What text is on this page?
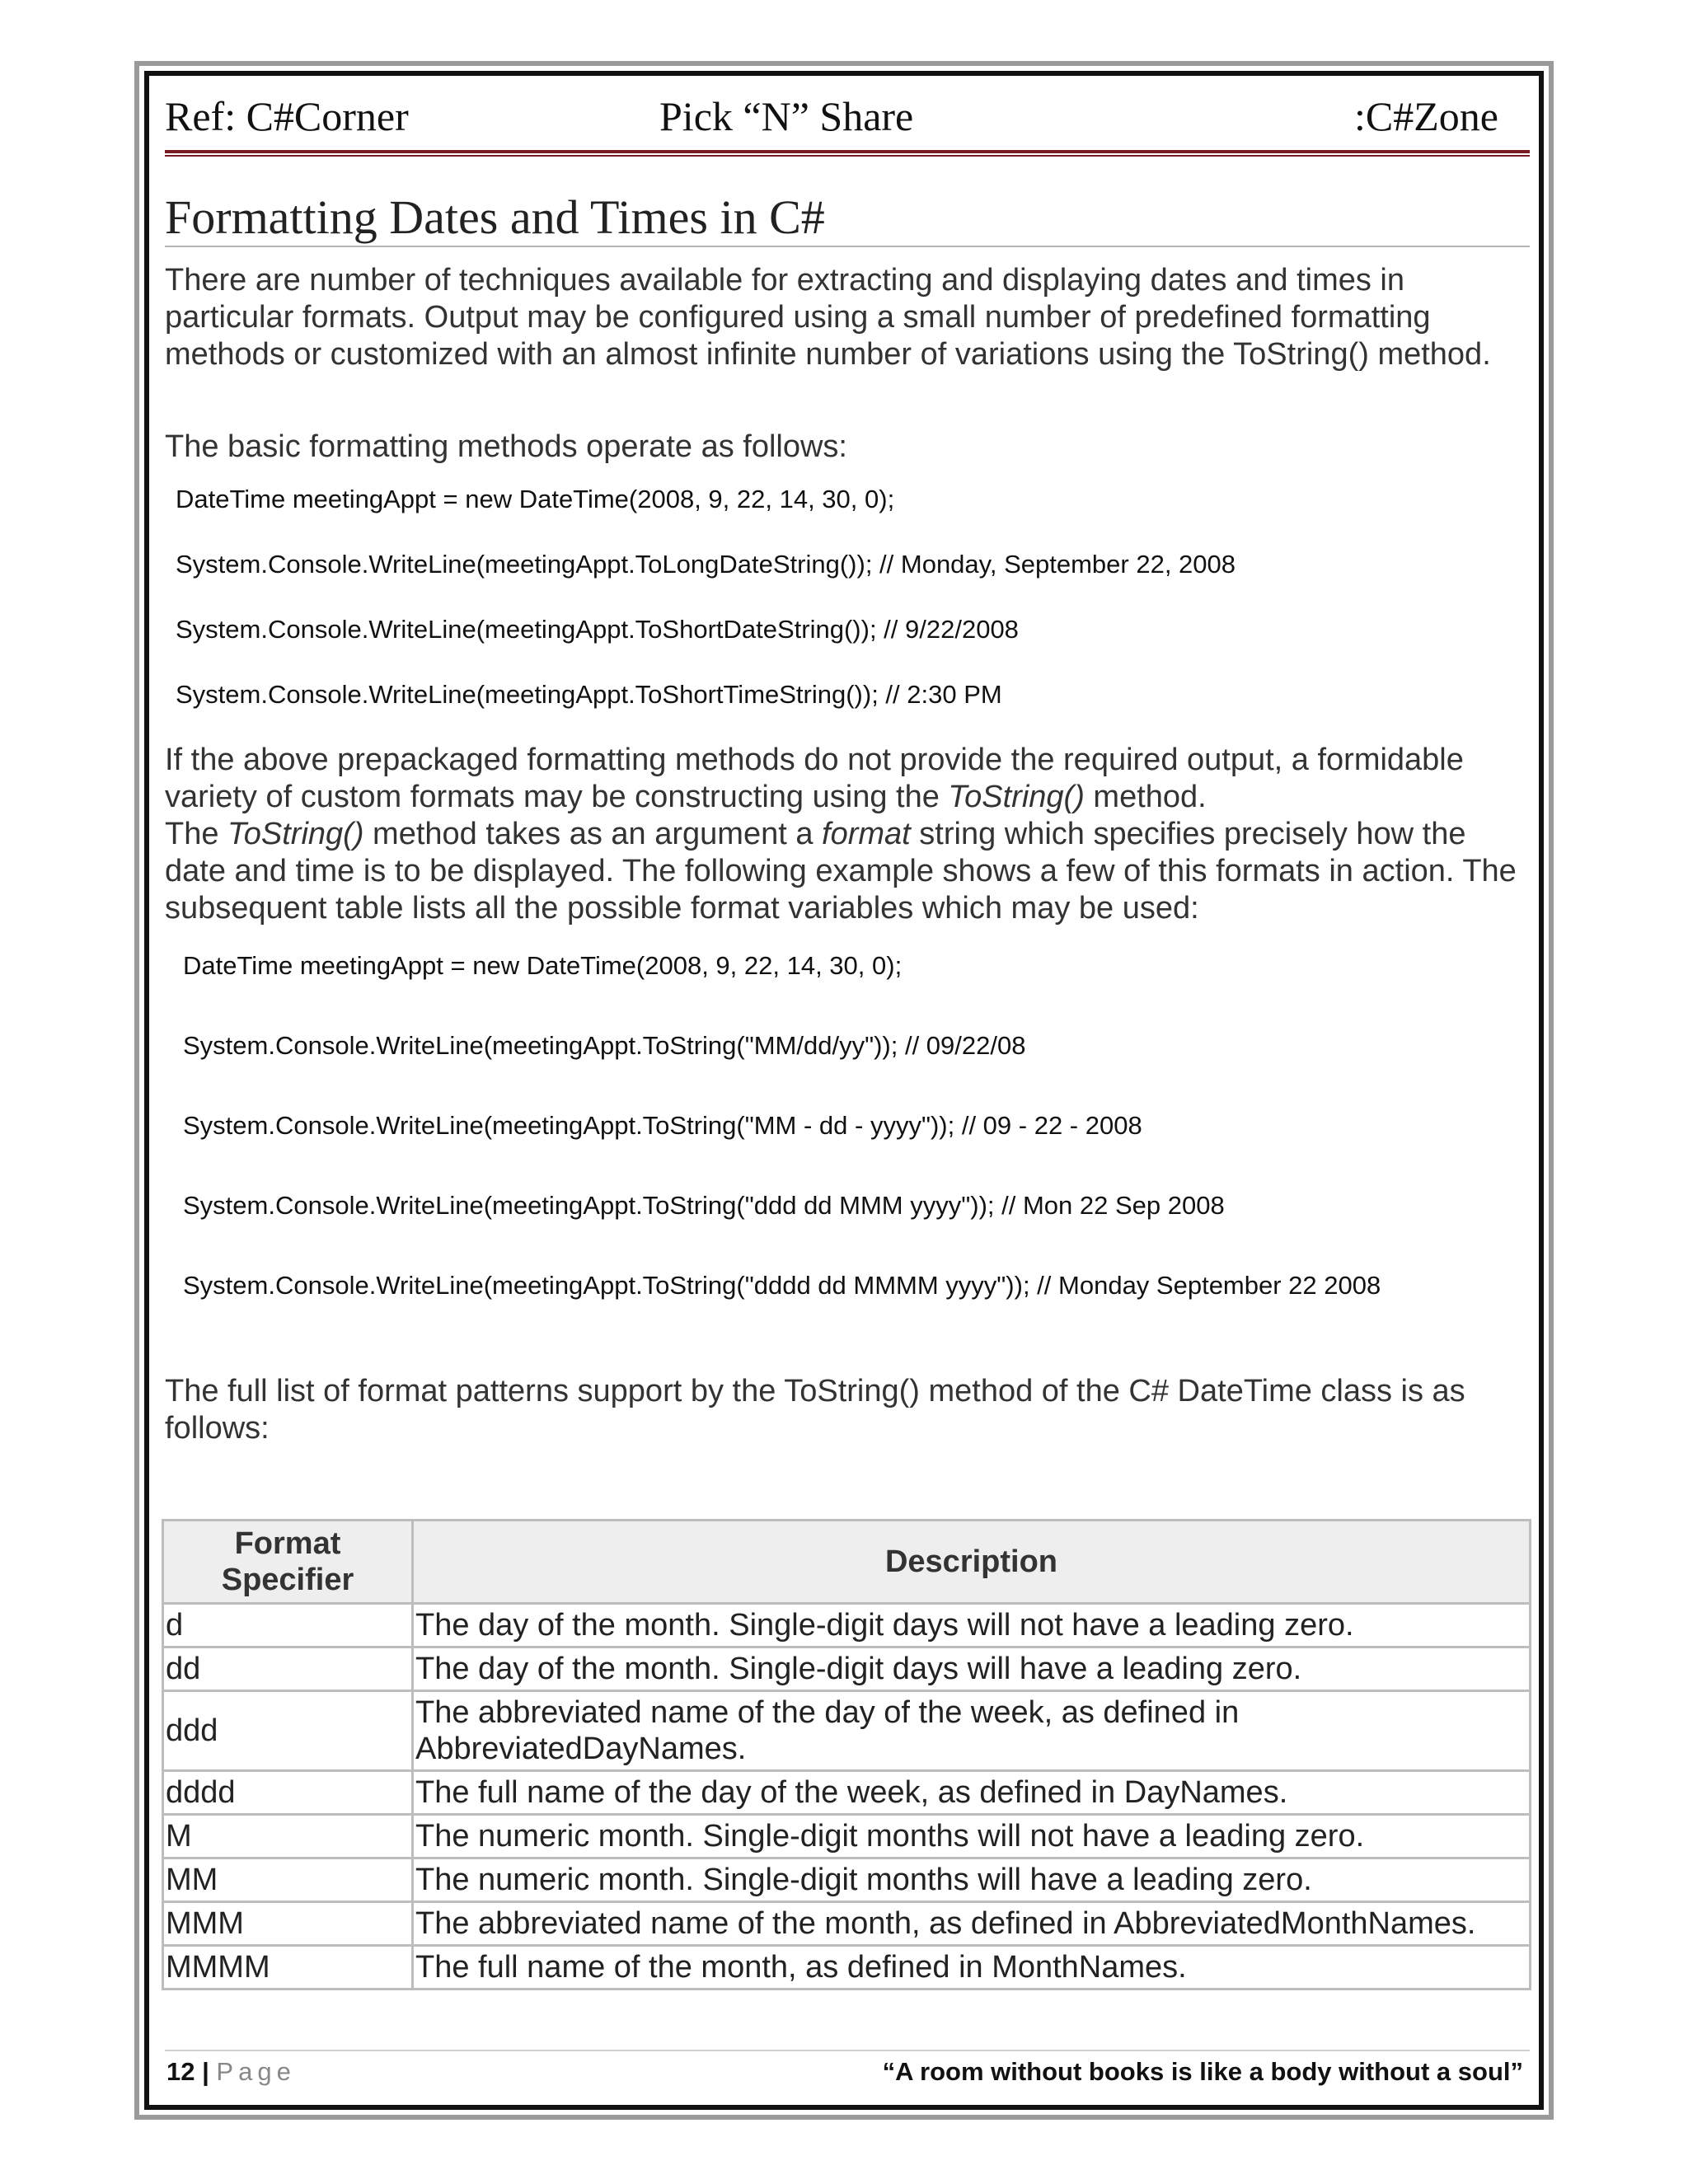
Ref: C#Corner	Pick “N” Share	:C#Zone
Formatting Dates and Times in C#

There are number of techniques available for extracting and displaying dates and times in particular formats. Output may be configured using a small number of predefined formatting methods or customized with an almost infinite number of variations using the ToString() method.

The basic formatting methods operate as follows:

DateTime meetingAppt = new DateTime(2008, 9, 22, 14, 30, 0);
System.Console.WriteLine(meetingAppt.ToLongDateString()); // Monday, September 22, 2008
System.Console.WriteLine(meetingAppt.ToShortDateString()); // 9/22/2008
System.Console.WriteLine(meetingAppt.ToShortTimeString()); // 2:30 PM

If the above prepackaged formatting methods do not provide the required output, a formidable variety of custom formats may be constructing using the ToString() method.

The ToString() method takes as an argument a format string which specifies precisely how the date and time is to be displayed. The following example shows a few of this formats in action. The subsequent table lists all the possible format variables which may be used:

DateTime meetingAppt = new DateTime(2008, 9, 22, 14, 30, 0);
System.Console.WriteLine(meetingAppt.ToString("MM/dd/yy")); // 09/22/08
System.Console.WriteLine(meetingAppt.ToString("MM - dd - yyyy")); // 09 - 22 - 2008
System.Console.WriteLine(meetingAppt.ToString("ddd dd MMM yyyy")); // Mon 22 Sep 2008
System.Console.WriteLine(meetingAppt.ToString("dddd dd MMMM yyyy")); // Monday September 22 2008

The full list of format patterns support by the ToString() method of the C# DateTime class is as follows:

Format Specifier	Description
d	The day of the month. Single-digit days will not have a leading zero.
dd	The day of the month. Single-digit days will have a leading zero.
ddd	The abbreviated name of the day of the week, as defined in AbbreviatedDayNames.
dddd	The full name of the day of the week, as defined in DayNames.
M	The numeric month. Single-digit months will not have a leading zero.
MM	The numeric month. Single-digit months will have a leading zero.
MMM	The abbreviated name of the month, as defined in AbbreviatedMonthNames.
MMMM	The full name of the month, as defined in MonthNames.
12 | Page	“A room without books is like a body without a soul”
